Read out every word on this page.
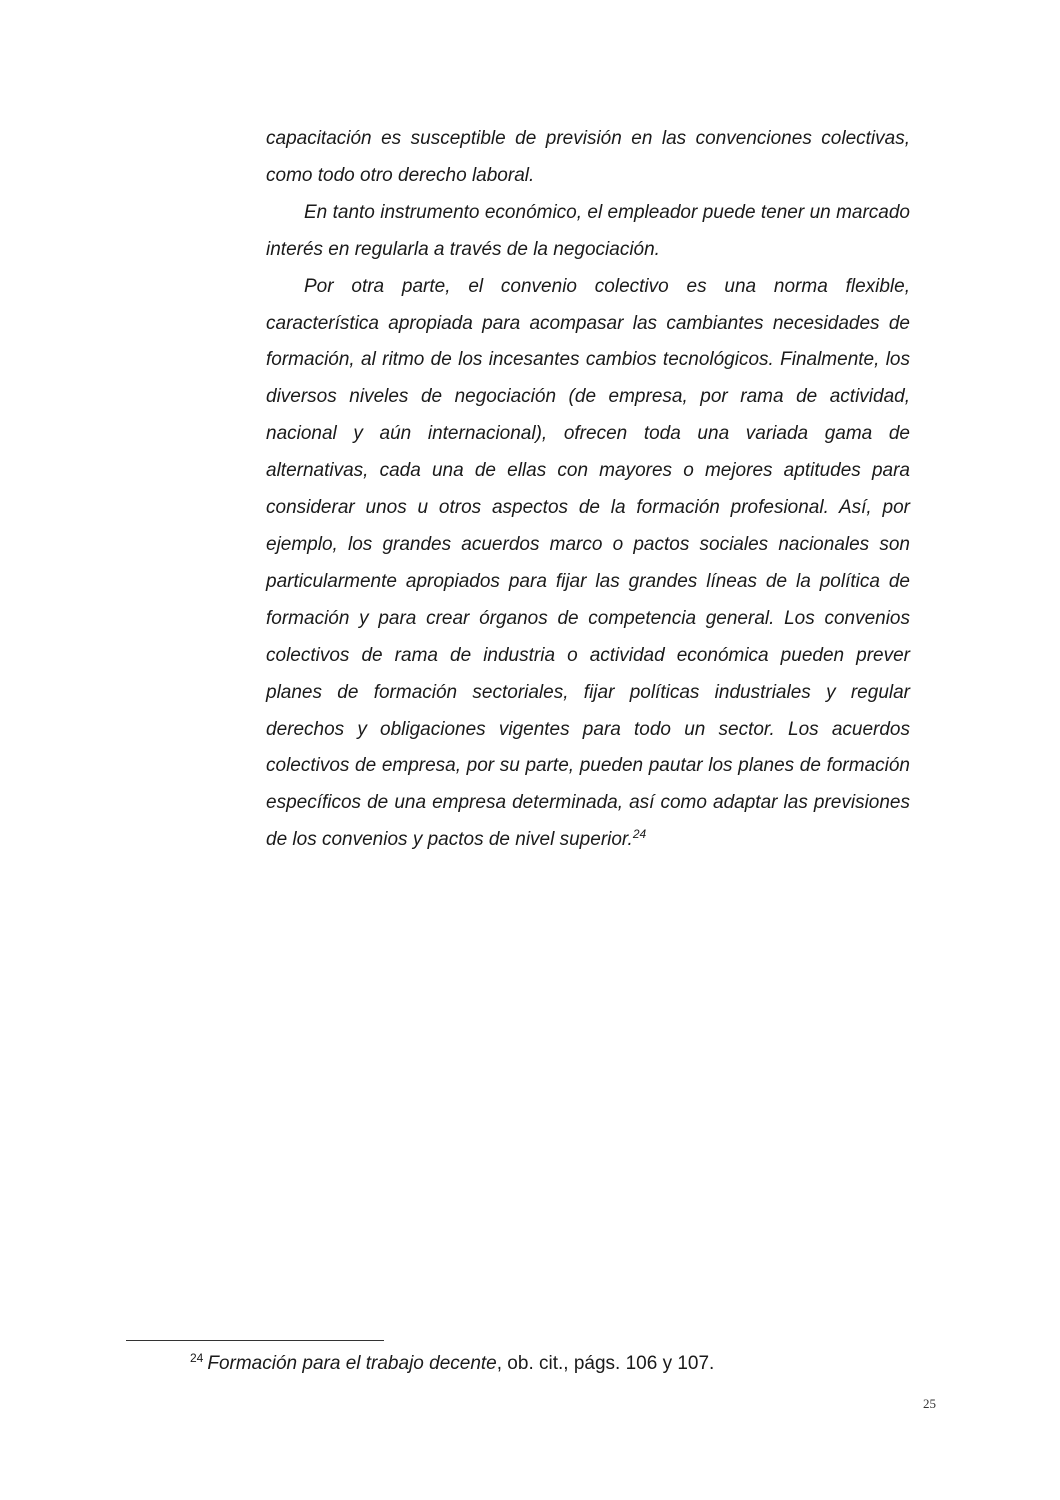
capacitación es susceptible de previsión en las convenciones colectivas, como todo otro derecho laboral.

En tanto instrumento económico, el empleador puede tener un marcado interés en regularla a través de la negociación.

Por otra parte, el convenio colectivo es una norma flexible, característica apropiada para acompasar las cambiantes necesidades de formación, al ritmo de los incesantes cambios tecnológicos. Finalmente, los diversos niveles de negociación (de empresa, por rama de actividad, nacional y aún internacional), ofrecen toda una variada gama de alternativas, cada una de ellas con mayores o mejores aptitudes para considerar unos u otros aspectos de la formación profesional. Así, por ejemplo, los grandes acuerdos marco o pactos sociales nacionales son particularmente apropiados para fijar las grandes líneas de la política de formación y para crear órganos de competencia general. Los convenios colectivos de rama de industria o actividad económica pueden prever planes de formación sectoriales, fijar políticas industriales y regular derechos y obligaciones vigentes para todo un sector. Los acuerdos colectivos de empresa, por su parte, pueden pautar los planes de formación específicos de una empresa determinada, así como adaptar las previsiones de los convenios y pactos de nivel superior.$^{24}$

$^{24}$ Formación para el trabajo decente, ob. cit., págs. 106 y 107.
25
